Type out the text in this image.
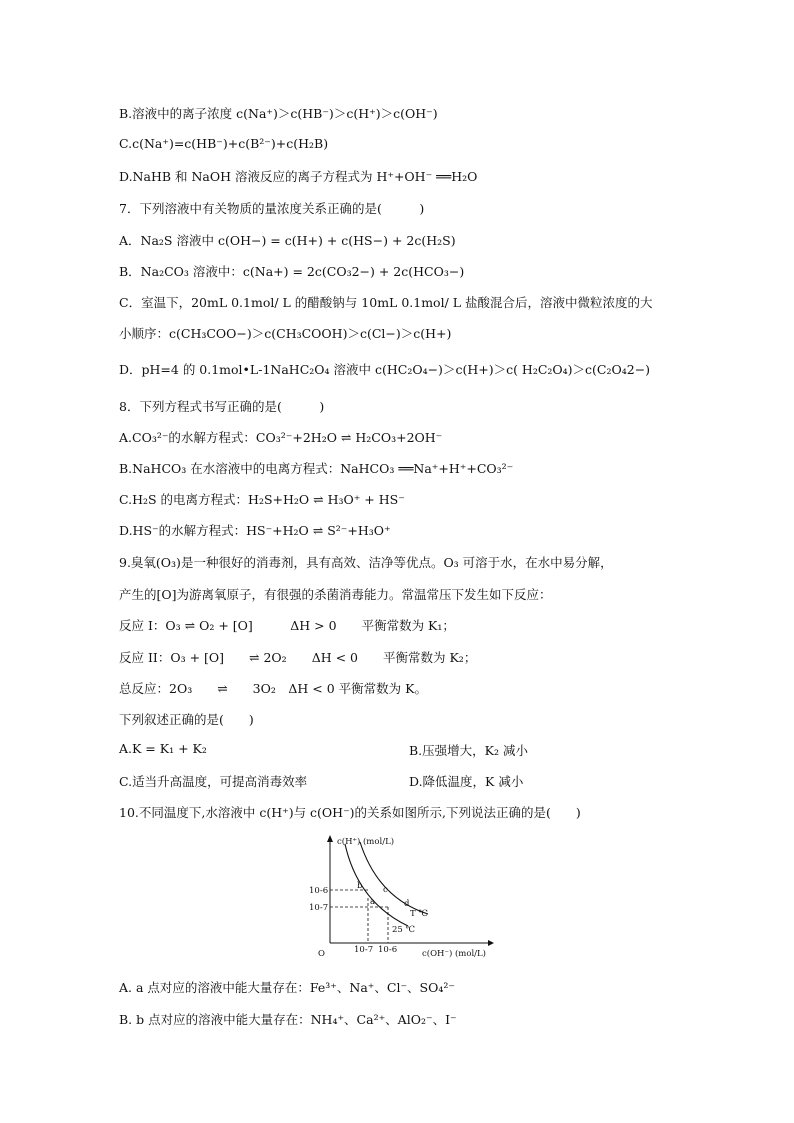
B.溶液中的离子浓度 c(Na⁺)＞c(HB⁻)＞c(H⁺)＞c(OH⁻)
C.c(Na⁺)=c(HB⁻)+c(B²⁻)+c(H₂B)
D.NaHB 和 NaOH 溶液反应的离子方程式为 H⁺+OH⁻ ══H₂O
7．下列溶液中有关物质的量浓度关系正确的是(　　　)
A．Na₂S 溶液中 c(OH−) = c(H+) + c(HS−) + 2c(H₂S)
B．Na₂CO₃ 溶液中：c(Na+) = 2c(CO₃2−) + 2c(HCO₃−)
C．室温下，20mL 0.1mol/ L 的醋酸钠与 10mL 0.1mol/ L 盐酸混合后，溶液中微粒浓度的大
小顺序：c(CH₃COO−)＞c(CH₃COOH)＞c(Cl−)＞c(H+)
D．pH=4 的 0.1mol•L-1NaHC₂O₄ 溶液中 c(HC₂O₄−)＞c(H+)＞c( H₂C₂O₄)＞c(C₂O₄2−)
8．下列方程式书写正确的是(　　　)
A.CO₃²⁻的水解方程式：CO₃²⁻+2H₂O ⇌ H₂CO₃+2OH⁻
B.NaHCO₃ 在水溶液中的电离方程式：NaHCO₃ ══Na⁺+H⁺+CO₃²⁻
C.H₂S 的电离方程式：H₂S+H₂O ⇌ H₃O⁺ + HS⁻
D.HS⁻的水解方程式：HS⁻+H₂O ⇌ S²⁻+H₃O⁺
9.臭氧(O₃)是一种很好的消毒剂，具有高效、洁净等优点。O₃ 可溶于水，在水中易分解，
产生的[O]为游离氧原子，有很强的杀菌消毒能力。常温常压下发生如下反应：
反应 I：O₃ ⇌ O₂ + [O]　　　ΔH > 0　　平衡常数为 K₁；
反应 II：O₃ + [O]　　⇌ 2O₂　　ΔH < 0　　平衡常数为 K₂；
总反应：2O₃　　⇌　　3O₂　ΔH < 0 平衡常数为 K。
下列叙述正确的是(　　)
A.K = K₁ + K₂	B.压强增大，K₂ 减小
C.适当升高温度，可提高消毒效率	D.降低温度，K 减小
10.不同温度下,水溶液中 c(H⁺)与 c(OH⁻)的关系如图所示,下列说法正确的是(　　)
c(H⁺) (mol/L)
c(OH⁻) (mol/L)
O
10-6
10-7
10-7 10-6
b
a
c
d
T ℃
25 ℃
A. a 点对应的溶液中能大量存在：Fe³⁺、Na⁺、Cl⁻、SO₄²⁻
B. b 点对应的溶液中能大量存在：NH₄⁺、Ca²⁺、AlO₂⁻、I⁻
